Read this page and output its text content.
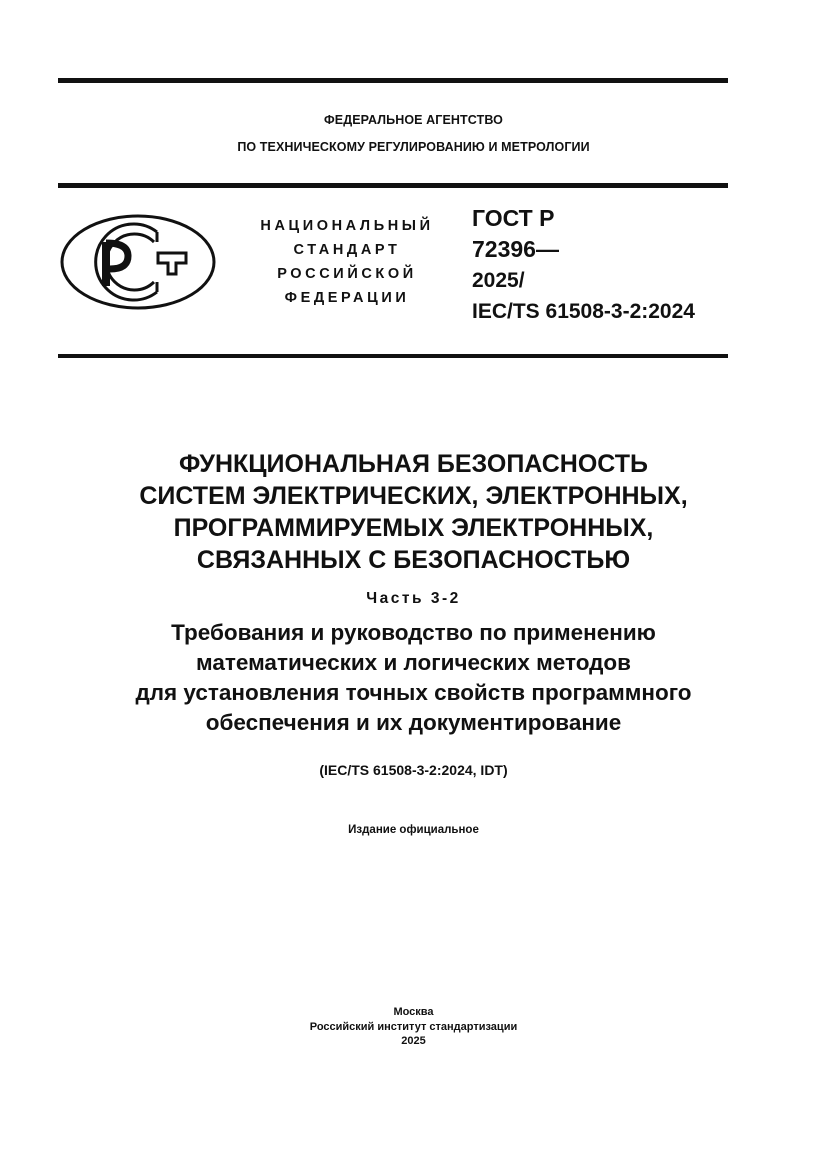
ФЕДЕРАЛЬНОЕ АГЕНТСТВО
ПО ТЕХНИЧЕСКОМУ РЕГУЛИРОВАНИЮ И МЕТРОЛОГИИ
НАЦИОНАЛЬНЫЙ
СТАНДАРТ
РОССИЙСКОЙ
ФЕДЕРАЦИИ
ГОСТ Р
72396—
2025/
IEC/TS 61508-3-2:2024
ФУНКЦИОНАЛЬНАЯ БЕЗОПАСНОСТЬ
СИСТЕМ ЭЛЕКТРИЧЕСКИХ, ЭЛЕКТРОННЫХ,
ПРОГРАММИРУЕМЫХ ЭЛЕКТРОННЫХ,
СВЯЗАННЫХ С БЕЗОПАСНОСТЬЮ
Часть 3-2
Требования и руководство по применению
математических и логических методов
для установления точных свойств программного
обеспечения и их документирование
(IEC/TS 61508-3-2:2024, IDT)
Издание официальное
Москва
Российский институт стандартизации
2025
